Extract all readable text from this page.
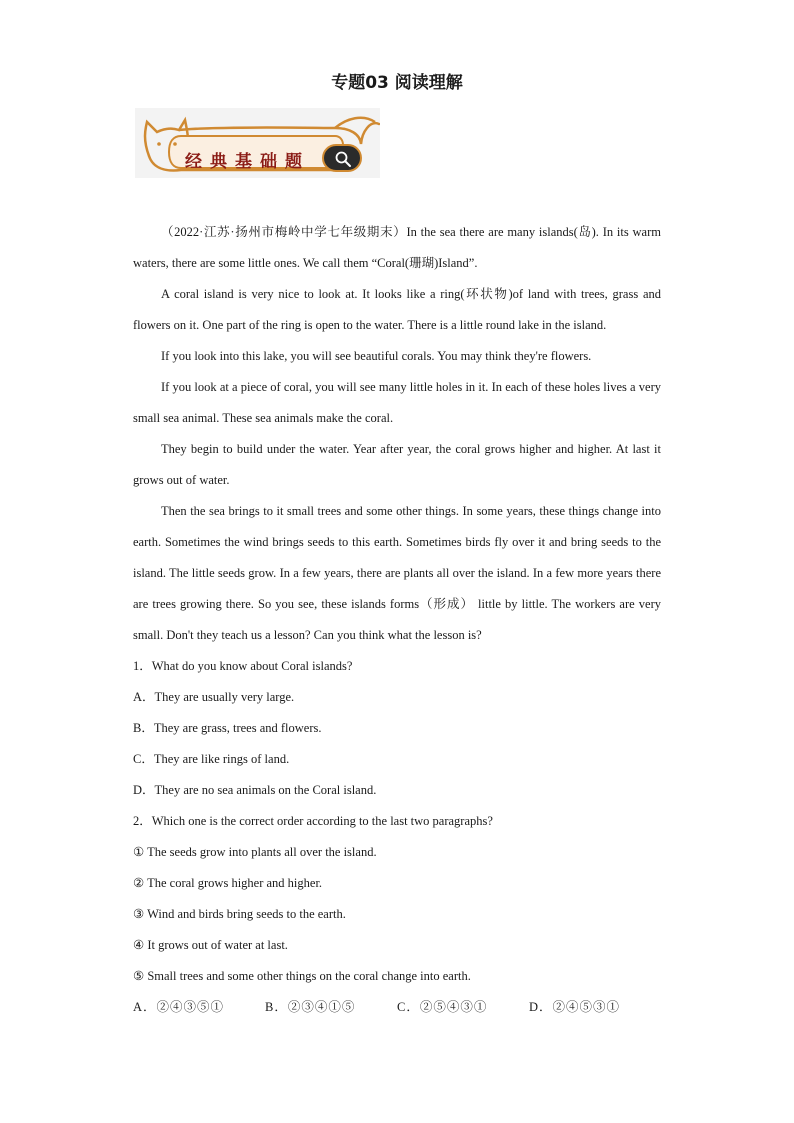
专题03 阅读理解
经典基础题

（2022·江苏·扬州市梅岭中学七年级期末）In the sea there are many islands(岛). In its warm waters, there are some little ones. We call them “Coral(珊瑚)Island”.

A coral island is very nice to look at. It looks like a ring(环状物)of land with trees, grass and flowers on it. One part of the ring is open to the water. There is a little round lake in the island.

If you look into this lake, you will see beautiful corals. You may think they're flowers.

If you look at a piece of coral, you will see many little holes in it. In each of these holes lives a very small sea animal. These sea animals make the coral.

They begin to build under the water. Year after year, the coral grows higher and higher. At last it grows out of water.

Then the sea brings to it small trees and some other things. In some years, these things change into earth. Sometimes the wind brings seeds to this earth. Sometimes birds fly over it and bring seeds to the island. The little seeds grow. In a few years, there are plants all over the island. In a few more years there are trees growing there. So you see, these islands forms（形成） little by little. The workers are very small. Don't they teach us a lesson? Can you think what the lesson is?

1．What do you know about Coral islands?

A．They are usually very large.
B．They are grass, trees and flowers.
C．They are like rings of land.
D．They are no sea animals on the Coral island.

2．Which one is the correct order according to the last two paragraphs?

① The seeds grow into plants all over the island.

② The coral grows higher and higher.

③ Wind and birds bring seeds to the earth.

④ It grows out of water at last.

⑤ Small trees and some other things on the coral change into earth.

A．②④③⑤①	B．②③④①⑤	C．②⑤④③①	D．②④⑤③①
